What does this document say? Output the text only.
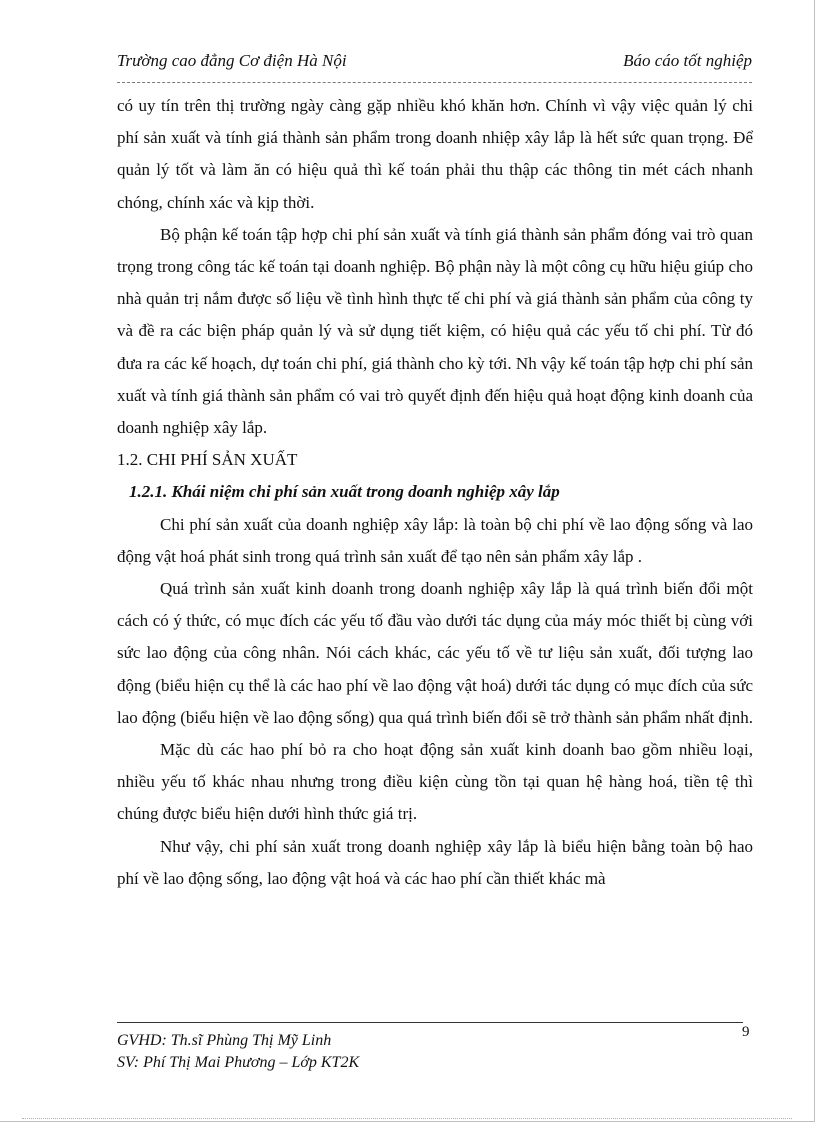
Trường cao đẳng Cơ điện Hà Nội	Báo cáo tốt nghiệp

có uy tín trên thị trường ngày càng gặp nhiều khó khăn hơn. Chính vì vậy việc quản lý chi phí sản xuất và tính giá thành sản phẩm trong doanh nhiệp xây lắp là hết sức quan trọng. Để quản lý tốt và làm ăn có hiệu quả thì kế toán phải thu thập các thông tin mét cách nhanh chóng, chính xác và kịp thời.

Bộ phận kế toán tập hợp chi phí sản xuất và tính giá thành sản phẩm đóng vai trò quan trọng trong công tác kế toán tại doanh nghiệp. Bộ phận này là một công cụ hữu hiệu giúp cho nhà quản trị nắm được số liệu về tình hình thực tế chi phí và giá thành sản phẩm của công ty và đề ra các biện pháp quản lý và sử dụng tiết kiệm, có hiệu quả các yếu tố chi phí. Từ đó đưa ra các kế hoạch, dự toán chi phí, giá thành cho kỳ tới. Nh vậy kế toán tập hợp chi phí sản xuất và tính giá thành sản phẩm có vai trò quyết định đến hiệu quả hoạt động kinh doanh của doanh nghiệp xây lắp.

1.2. CHI PHÍ SẢN XUẤT
1.2.1. Khái niệm chi phí sản xuất trong doanh nghiệp xây lắp

Chi phí sản xuất của doanh nghiệp xây lắp: là toàn bộ chi phí về lao động sống và lao động vật hoá phát sinh trong quá trình sản xuất để tạo nên sản phẩm xây lắp .

Quá trình sản xuất kinh doanh trong doanh nghiệp xây lắp là quá trình biến đổi một cách có ý thức, có mục đích các yếu tố đầu vào dưới tác dụng của máy móc thiết bị cùng với sức lao động của công nhân. Nói cách khác, các yếu tố về tư liệu sản xuất, đối tượng lao động (biểu hiện cụ thể là các hao phí về lao động vật hoá) dưới tác dụng có mục đích của sức lao động (biểu hiện về lao động sống) qua quá trình biến đổi sẽ trở thành sản phẩm nhất định.

Mặc dù các hao phí bỏ ra cho hoạt động sản xuất kinh doanh bao gồm nhiều loại, nhiều yếu tố khác nhau nhưng trong điều kiện cùng tồn tại quan hệ hàng hoá, tiền tệ thì chúng được biểu hiện dưới hình thức giá trị.

Như vậy, chi phí sản xuất trong doanh nghiệp xây lắp là biểu hiện bằng toàn bộ hao phí về lao động sống, lao động vật hoá và các hao phí cần thiết khác mà

9
GVHD: Th.sĩ Phùng Thị Mỹ Linh
SV: Phí Thị Mai Phương – Lớp KT2K
